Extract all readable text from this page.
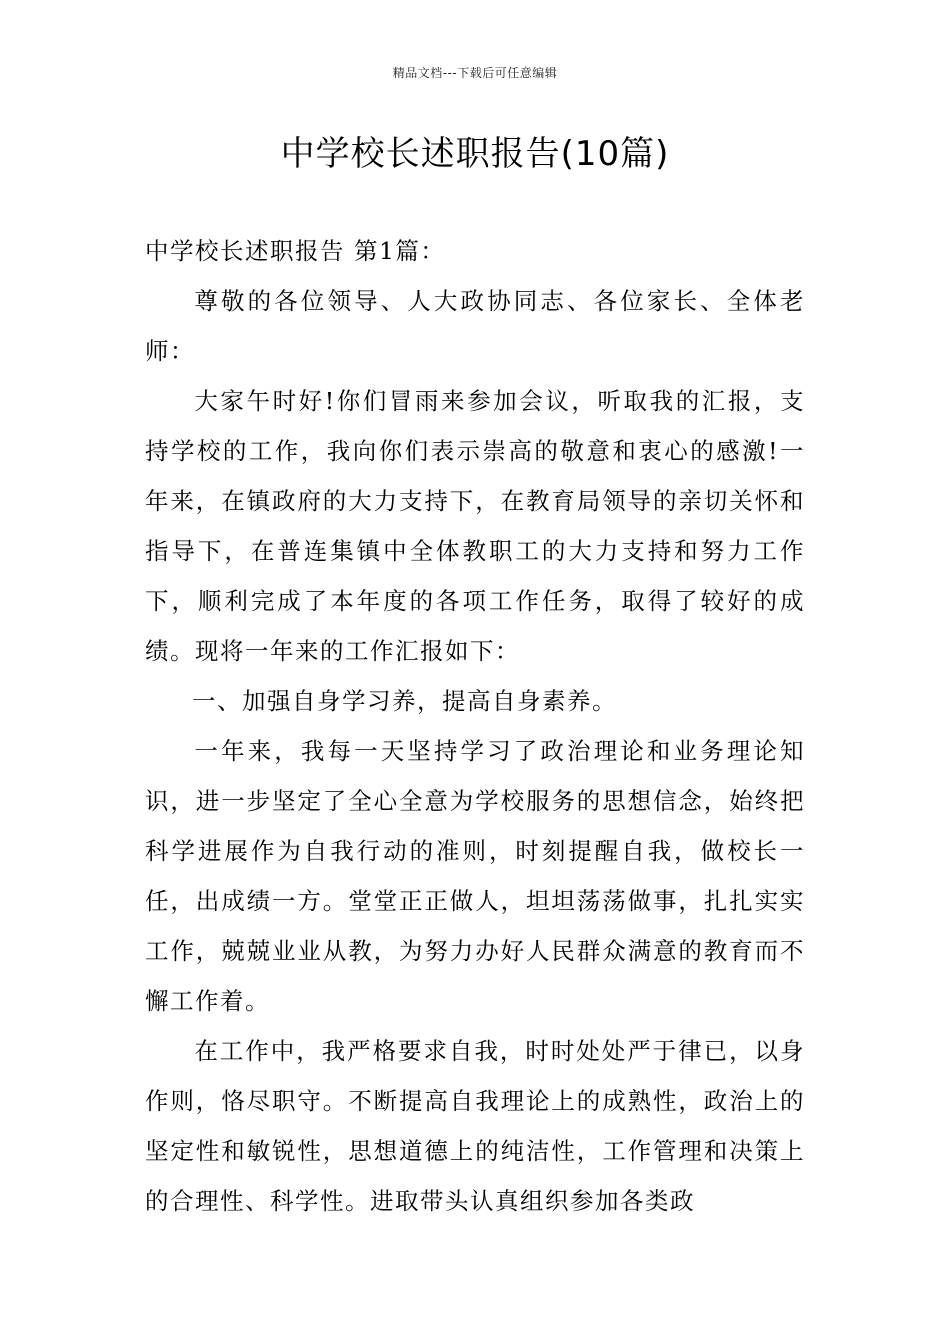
精品文档---下载后可任意编辑
中学校长述职报告(10篇)

中学校长述职报告 第1篇：

尊敬的各位领导、人大政协同志、各位家长、全体老师：

大家午时好!你们冒雨来参加会议，听取我的汇报，支持学校的工作，我向你们表示崇高的敬意和衷心的感激!一年来，在镇政府的大力支持下，在教育局领导的亲切关怀和指导下，在普连集镇中全体教职工的大力支持和努力工作下，顺利完成了本年度的各项工作任务，取得了较好的成绩。现将一年来的工作汇报如下：

一、加强自身学习养，提高自身素养。

一年来，我每一天坚持学习了政治理论和业务理论知识，进一步坚定了全心全意为学校服务的思想信念，始终把科学进展作为自我行动的准则，时刻提醒自我，做校长一任，出成绩一方。堂堂正正做人，坦坦荡荡做事，扎扎实实工作，兢兢业业从教，为努力办好人民群众满意的教育而不懈工作着。

在工作中，我严格要求自我，时时处处严于律已，以身作则，恪尽职守。不断提高自我理论上的成熟性，政治上的坚定性和敏锐性，思想道德上的纯洁性，工作管理和决策上的合理性、科学性。进取带头认真组织参加各类政
